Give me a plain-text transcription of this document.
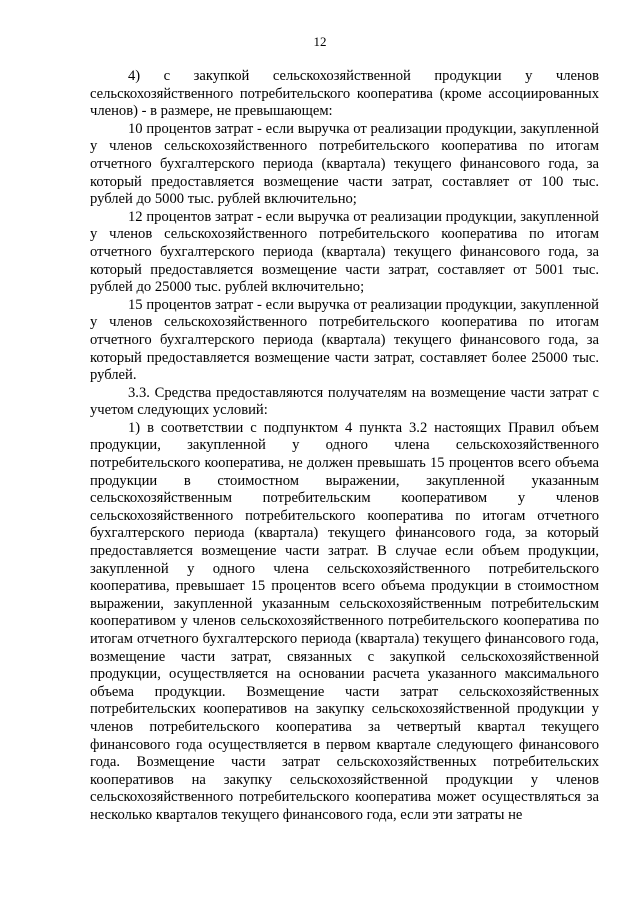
12

4) с закупкой сельскохозяйственной продукции у членов сельскохозяйственного потребительского кооператива (кроме ассоциированных членов) - в размере, не превышающем:

10 процентов затрат - если выручка от реализации продукции, закупленной у членов сельскохозяйственного потребительского кооператива по итогам отчетного бухгалтерского периода (квартала) текущего финансового года, за который предоставляется возмещение части затрат, составляет от 100 тыс. рублей до 5000 тыс. рублей включительно;

12 процентов затрат - если выручка от реализации продукции, закупленной у членов сельскохозяйственного потребительского кооператива по итогам отчетного бухгалтерского периода (квартала) текущего финансового года, за который предоставляется возмещение части затрат, составляет от 5001 тыс. рублей до 25000 тыс. рублей включительно;

15 процентов затрат - если выручка от реализации продукции, закупленной у членов сельскохозяйственного потребительского кооператива по итогам отчетного бухгалтерского периода (квартала) текущего финансового года, за который предоставляется возмещение части затрат, составляет более 25000 тыс. рублей.

3.3. Средства предоставляются получателям на возмещение части затрат с учетом следующих условий:

1) в соответствии с подпунктом 4 пункта 3.2 настоящих Правил объем продукции, закупленной у одного члена сельскохозяйственного потребительского кооператива, не должен превышать 15 процентов всего объема продукции в стоимостном выражении, закупленной указанным сельскохозяйственным потребительским кооперативом у членов сельскохозяйственного потребительского кооператива по итогам отчетного бухгалтерского периода (квартала) текущего финансового года, за который предоставляется возмещение части затрат. В случае если объем продукции, закупленной у одного члена сельскохозяйственного потребительского кооператива, превышает 15 процентов всего объема продукции в стоимостном выражении, закупленной указанным сельскохозяйственным потребительским кооперативом у членов сельскохозяйственного потребительского кооператива по итогам отчетного бухгалтерского периода (квартала) текущего финансового года, возмещение части затрат, связанных с закупкой сельскохозяйственной продукции, осуществляется на основании расчета указанного максимального объема продукции. Возмещение части затрат сельскохозяйственных потребительских кооперативов на закупку сельскохозяйственной продукции у членов потребительского кооператива за четвертый квартал текущего финансового года осуществляется в первом квартале следующего финансового года. Возмещение части затрат сельскохозяйственных потребительских кооперативов на закупку сельскохозяйственной продукции у членов сельскохозяйственного потребительского кооператива может осуществляться за несколько кварталов текущего финансового года, если эти затраты не
